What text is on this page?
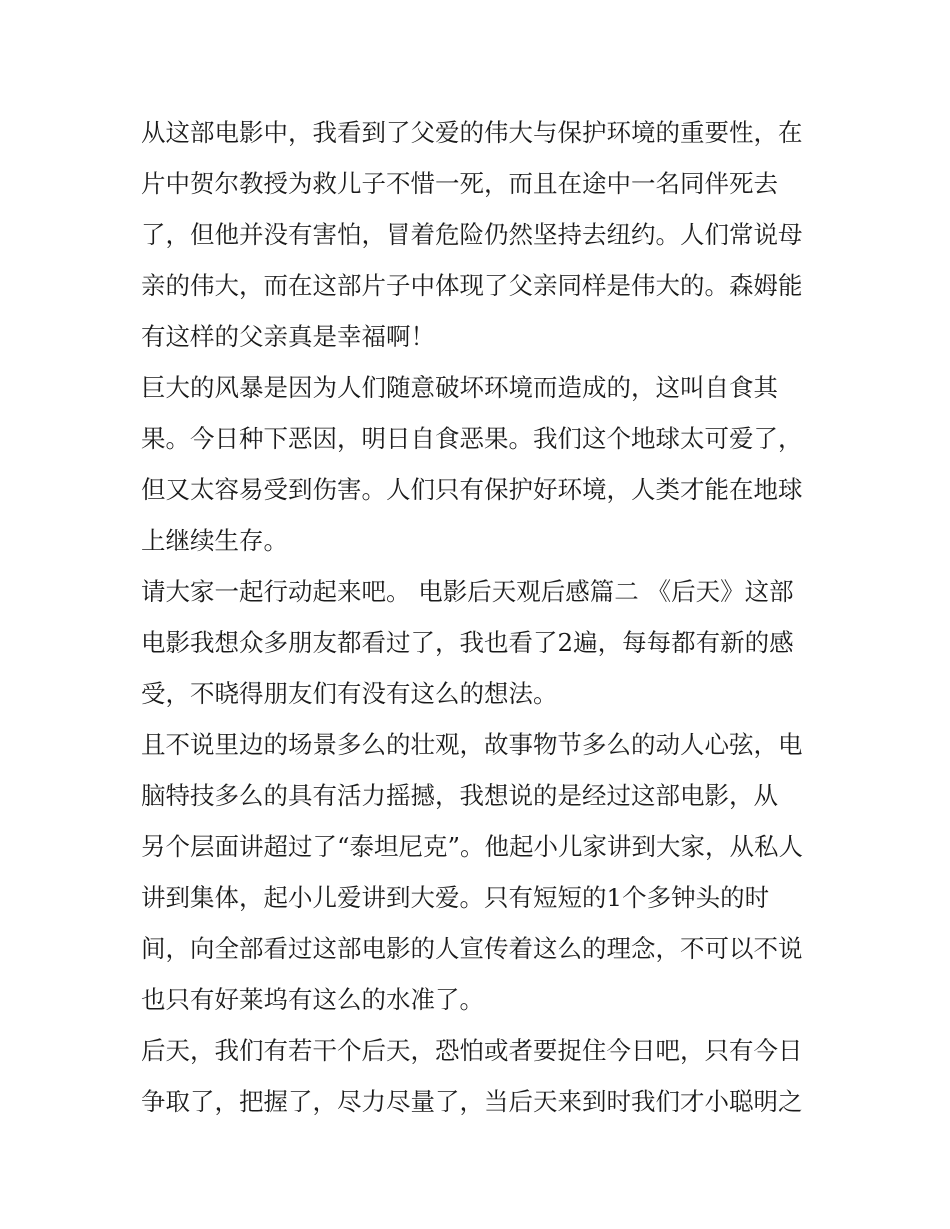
从这部电影中，我看到了父爱的伟大与保护环境的重要性，在
片中贺尔教授为救儿子不惜一死，而且在途中一名同伴死去
了，但他并没有害怕，冒着危险仍然坚持去纽约。人们常说母
亲的伟大，而在这部片子中体现了父亲同样是伟大的。森姆能
有这样的父亲真是幸福啊！
巨大的风暴是因为人们随意破坏环境而造成的，这叫自食其
果。今日种下恶因，明日自食恶果。我们这个地球太可爱了，
但又太容易受到伤害。人们只有保护好环境，人类才能在地球
上继续生存。
请大家一起行动起来吧。 电影后天观后感篇二 《后天》这部
电影我想众多朋友都看过了，我也看了2遍，每每都有新的感
受，不晓得朋友们有没有这么的想法。
且不说里边的场景多么的壮观，故事物节多么的动人心弦，电
脑特技多么的具有活力摇撼，我想说的是经过这部电影，从
另个层面讲超过了“泰坦尼克”。他起小儿家讲到大家，从私人
讲到集体，起小儿爱讲到大爱。只有短短的1个多钟头的时
间，向全部看过这部电影的人宣传着这么的理念，不可以不说
也只有好莱坞有这么的水准了。
后天，我们有若干个后天，恐怕或者要捉住今日吧，只有今日
争取了，把握了，尽力尽量了，当后天来到时我们才小聪明之
